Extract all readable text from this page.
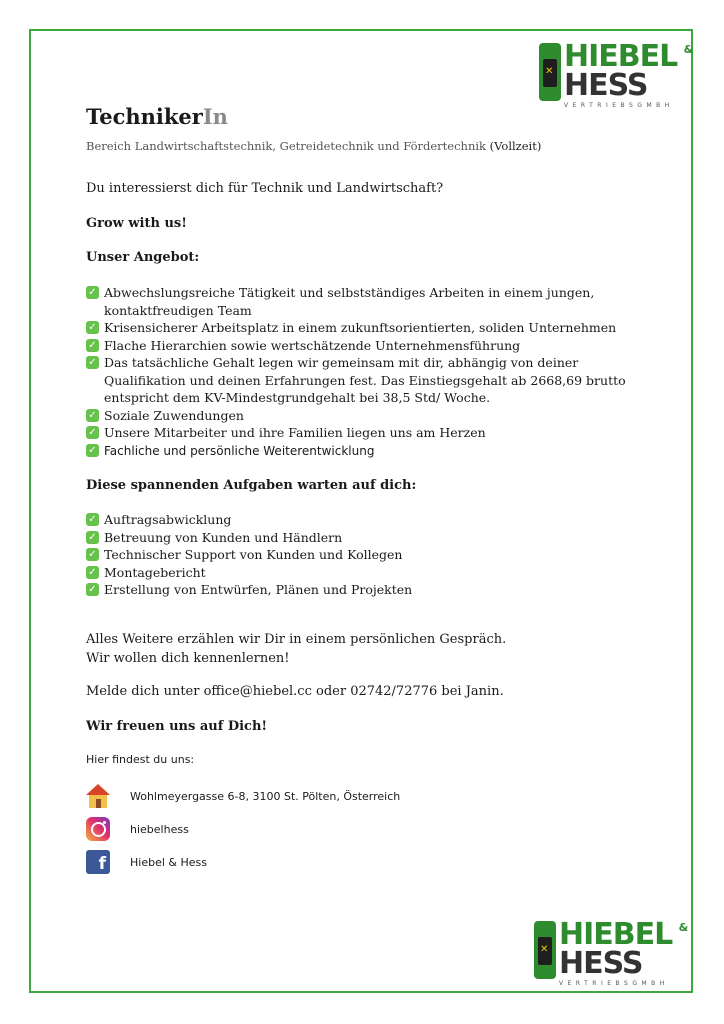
✕
HIEBEL &
HESS
VERTRIEBSGMBH
TechnikerIn
Bereich Landwirtschaftstechnik, Getreidetechnik und Fördertechnik (Vollzeit)
Du interessierst dich für Technik und Landwirtschaft?
Grow with us!
Unser Angebot:
✓ Abwechslungsreiche Tätigkeit und selbstständiges Arbeiten in einem jungen,
kontaktfreudigen Team
✓ Krisensicherer Arbeitsplatz in einem zukunftsorientierten, soliden Unternehmen
✓ Flache Hierarchien sowie wertschätzende Unternehmensführung
✓ Das tatsächliche Gehalt legen wir gemeinsam mit dir, abhängig von deiner
Qualifikation und deinen Erfahrungen fest. Das Einstiegsgehalt ab 2668,69 brutto
entspricht dem KV-Mindestgrundgehalt bei 38,5 Std/ Woche.
✓ Soziale Zuwendungen
✓ Unsere Mitarbeiter und ihre Familien liegen uns am Herzen
✓ Fachliche und persönliche Weiterentwicklung
Diese spannenden Aufgaben warten auf dich:
✓ Auftragsabwicklung
✓ Betreuung von Kunden und Händlern
✓ Technischer Support von Kunden und Kollegen
✓ Montagebericht
✓ Erstellung von Entwürfen, Plänen und Projekten
Alles Weitere erzählen wir Dir in einem persönlichen Gespräch.
Wir wollen dich kennenlernen!
Melde dich unter office@hiebel.cc oder 02742/72776 bei Janin.
Wir freuen uns auf Dich!
Hier findest du uns:
Wohlmeyergasse 6-8, 3100 St. Pölten, Österreich
hiebelhess
f	Hiebel & Hess
✕
HIEBEL &
HESS
VERTRIEBSGMBH
